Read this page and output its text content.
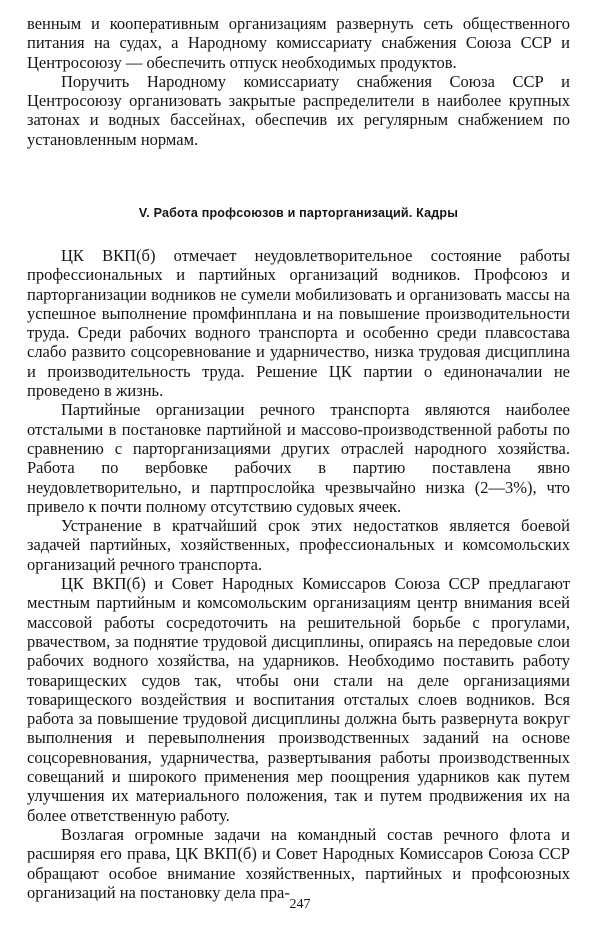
венным и кооперативным организациям развернуть сеть общественного питания на судах, а Народному комиссариату снабжения Союза ССР и Центросоюзу — обеспечить отпуск необходимых продуктов.

Поручить Народному комиссариату снабжения Союза ССР и Центросоюзу организовать закрытые распределители в наиболее крупных затонах и водных бассейнах, обеспечив их регулярным снабжением по установленным нормам.

V. Работа профсоюзов и парторганизаций. Кадры

ЦК ВКП(б) отмечает неудовлетворительное состояние работы профессиональных и партийных организаций водников. Профсоюз и парторганизации водников не сумели мобилизовать и организовать массы на успешное выполнение промфинплана и на повышение производительности труда. Среди рабочих водного транспорта и особенно среди плавсостава слабо развито соцсоревнование и ударничество, низка трудовая дисциплина и производительность труда. Решение ЦК партии о единоначалии не проведено в жизнь.

Партийные организации речного транспорта являются наиболее отсталыми в постановке партийной и массово-производственной работы по сравнению с парторганизациями других отраслей народного хозяйства. Работа по вербовке рабочих в партию поставлена явно неудовлетворительно, и партпрослойка чрезвычайно низка (2—3%), что привело к почти полному отсутствию судовых ячеек.

Устранение в кратчайший срок этих недостатков является боевой задачей партийных, хозяйственных, профессиональных и комсомольских организаций речного транспорта.

ЦК ВКП(б) и Совет Народных Комиссаров Союза ССР предлагают местным партийным и комсомольским организациям центр внимания всей массовой работы сосредоточить на решительной борьбе с прогулами, рвачеством, за поднятие трудовой дисциплины, опираясь на передовые слои рабочих водного хозяйства, на ударников. Необходимо поставить работу товарищеских судов так, чтобы они стали на деле организациями товарищеского воздействия и воспитания отсталых слоев водников. Вся работа за повышение трудовой дисциплины должна быть развернута вокруг выполнения и перевыполнения производственных заданий на основе соцсоревнования, ударничества, развертывания работы производственных совещаний и широкого применения мер поощрения ударников как путем улучшения их материального положения, так и путем продвижения их на более ответственную работу.

Возлагая огромные задачи на командный состав речного флота и расширяя его права, ЦК ВКП(б) и Совет Народных Комиссаров Союза ССР обращают особое внимание хозяйственных, партийных и профсоюзных организаций на постановку дела пра-

247
